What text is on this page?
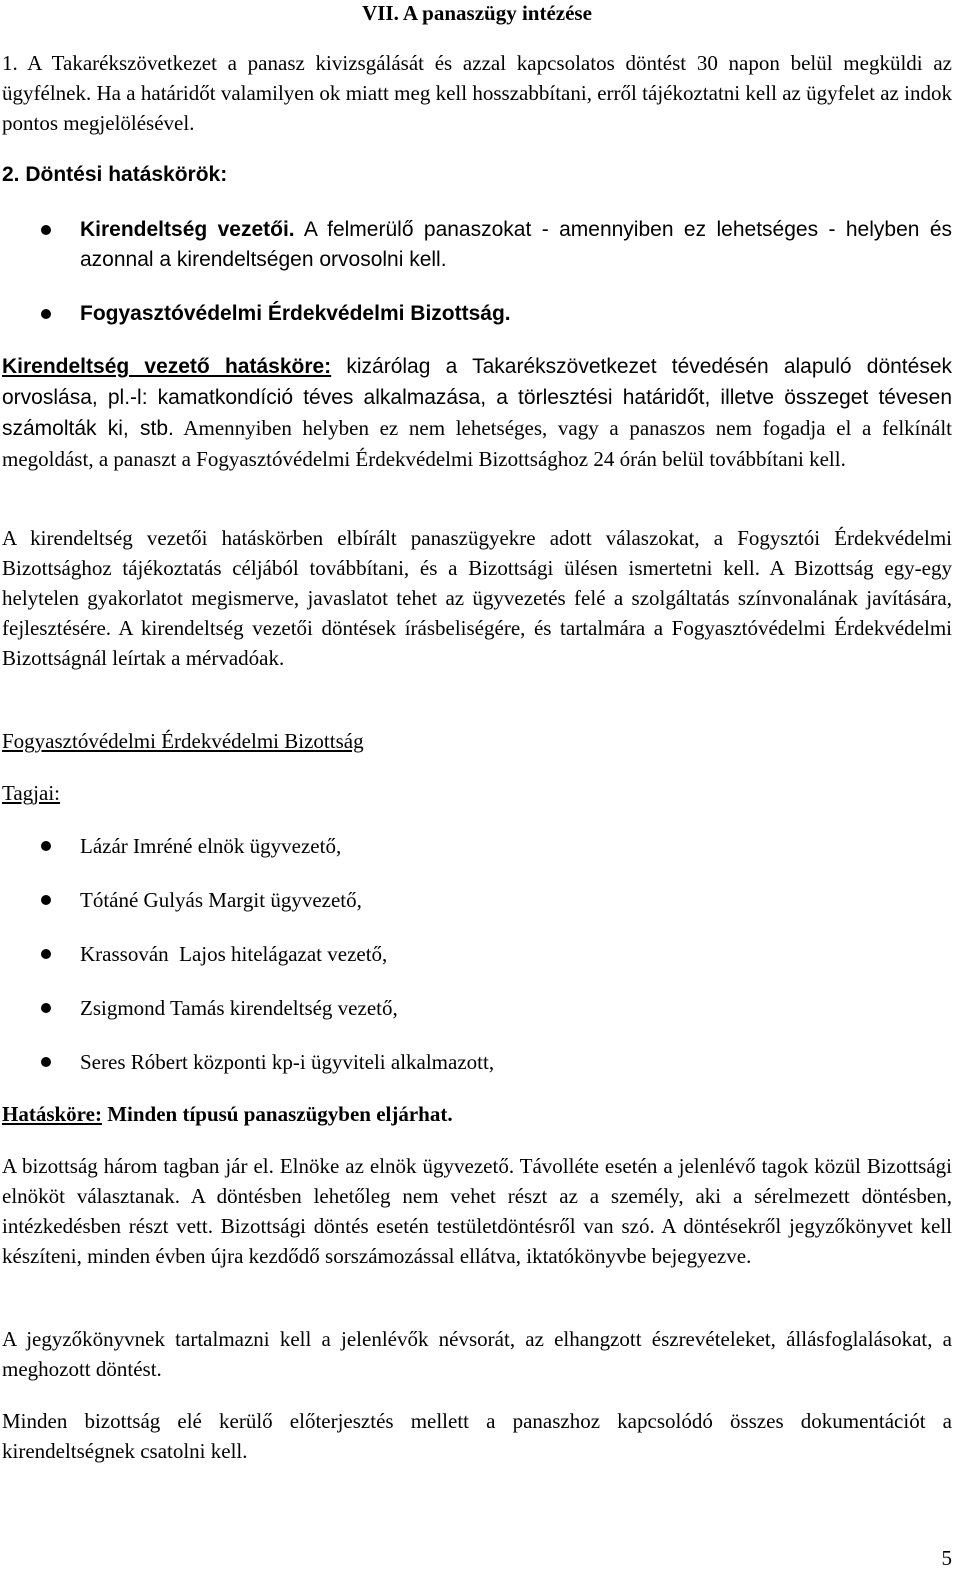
VII. A panaszügy intézése

1. A Takarékszövetkezet a panasz kivizsgálását és azzal kapcsolatos döntést 30 napon belül megküldi az ügyfélnek. Ha a határidőt valamilyen ok miatt meg kell hosszabbítani, erről tájékoztatni kell az ügyfelet az indok pontos megjelölésével.

2. Döntési hatáskörök:

Kirendeltség vezetői. A felmerülő panaszokat - amennyiben ez lehetséges - helyben és azonnal a kirendeltségen orvosolni kell.

Fogyasztóvédelmi Érdekvédelmi Bizottság.

Kirendeltség vezető hatásköre: kizárólag a Takarékszövetkezet tévedésén alapuló döntések orvoslása, pl.-l: kamatkondíció téves alkalmazása, a törlesztési határidőt, illetve összeget tévesen számolták ki, stb. Amennyiben helyben ez nem lehetséges, vagy a panaszos nem fogadja el a felkínált megoldást, a panaszt a Fogyasztóvédelmi Érdekvédelmi Bizottsághoz 24 órán belül továbbítani kell.

A kirendeltség vezetői hatáskörben elbírált panaszügyekre adott válaszokat, a Fogysztói Érdekvédelmi Bizottsághoz tájékoztatás céljából továbbítani, és a Bizottsági ülésen ismertetni kell. A Bizottság egy-egy helytelen gyakorlatot megismerve, javaslatot tehet az ügyvezetés felé a szolgáltatás színvonalának javítására, fejlesztésére. A kirendeltség vezetői döntések írásbeliségére, és tartalmára a Fogyasztóvédelmi Érdekvédelmi Bizottságnál leírtak a mérvadóak.

Fogyasztóvédelmi Érdekvédelmi Bizottság

Tagjai:

Lázár Imréné elnök ügyvezető,

Tótáné Gulyás Margit ügyvezető,

Krassován  Lajos hitelágazat vezető,

Zsigmond Tamás kirendeltség vezető,

Seres Róbert központi kp-i ügyviteli alkalmazott,

Hatásköre: Minden típusú panaszügyben eljárhat.

A bizottság három tagban jár el. Elnöke az elnök ügyvezető. Távolléte esetén a jelenlévő tagok közül Bizottsági elnököt választanak. A döntésben lehetőleg nem vehet részt az a személy, aki a sérelmezett döntésben, intézkedésben részt vett. Bizottsági döntés esetén testületdöntésről van szó. A döntésekről jegyzőkönyvet kell készíteni, minden évben újra kezdődő sorszámozással ellátva, iktatókönyvbe bejegyezve.

A jegyzőkönyvnek tartalmazni kell a jelenlévők névsorát, az elhangzott észrevételeket, állásfoglalásokat, a meghozott döntést.

Minden bizottság elé kerülő előterjesztés mellett a panaszhoz kapcsolódó összes dokumentációt a kirendeltségnek csatolni kell.

5
